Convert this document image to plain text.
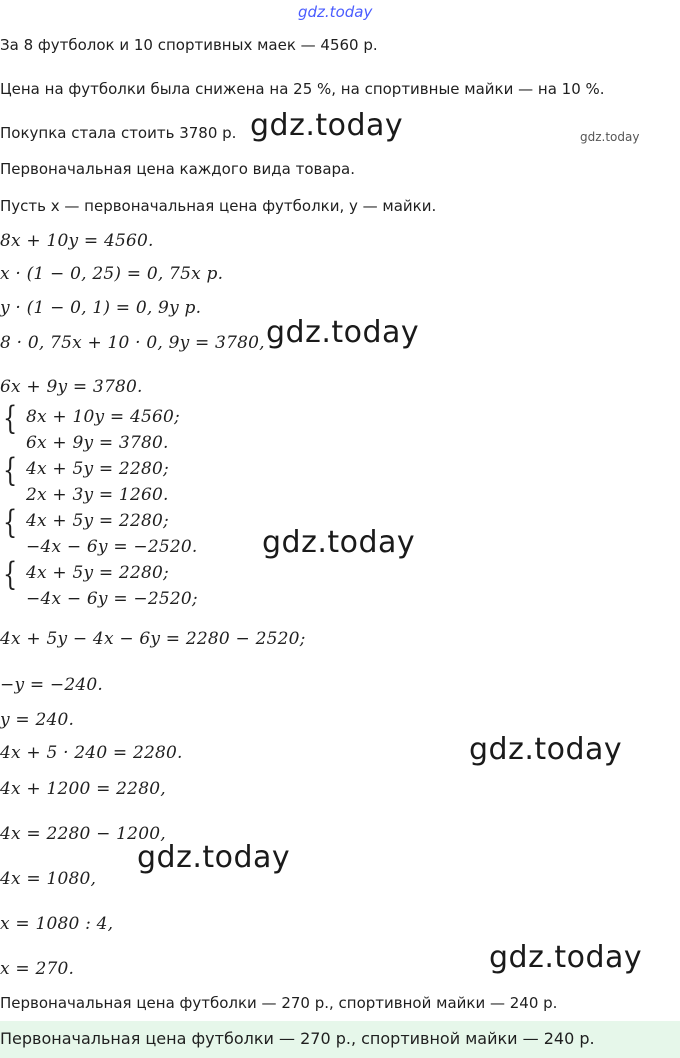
gdz.today
За 8 футболок и 10 спортивных маек — 4560 р.
Цена на футболки была снижена на 25 %, на спортивные майки — на 10 %.
Покупка стала стоить 3780 р. gdz.today	gdz.today
Первоначальная цена каждого вида товара.
Пусть x — первоначальная цена футболки, y — майки.
8x + 10y = 4560.
x · (1 − 0, 25) = 0, 75x р.
y · (1 − 0, 1) = 0, 9y р.
8 · 0, 75x + 10 · 0, 9y = 3780, gdz.today
6x + 9y = 3780.
{ 8x + 10y = 4560;
6x + 9y = 3780.
{ 4x + 5y = 2280;
2x + 3y = 1260.
{ 4x + 5y = 2280;
−4x − 6y = −2520. gdz.today
{ 4x + 5y = 2280;
−4x − 6y = −2520;
4x + 5y − 4x − 6y = 2280 − 2520;
−y = −240.
y = 240.
4x + 5 · 240 = 2280.	gdz.today
4x + 1200 = 2280,
4x = 2280 − 1200,
gdz.today
4x = 1080,
x = 1080 : 4,
gdz.today
x = 270.
Первоначальная цена футболки — 270 р., спортивной майки — 240 р.
Первоначальная цена футболки — 270 р., спортивной майки — 240 р.
